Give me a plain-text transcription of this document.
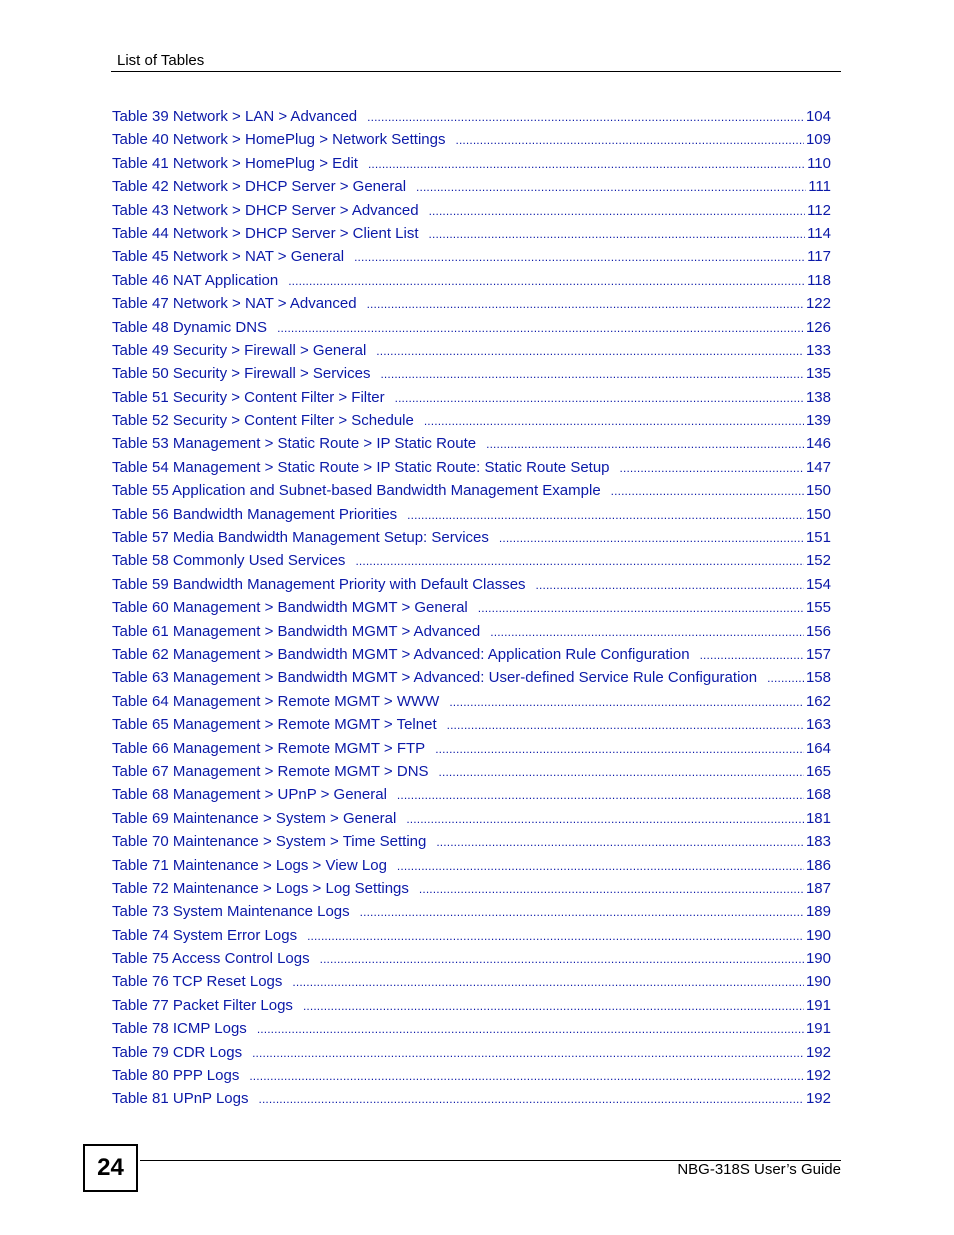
List of Tables
Table 39 Network > LAN > Advanced . . .	104
Table 40 Network > HomePlug > Network Settings . . .	109
Table 41 Network > HomePlug > Edit . . .	110
Table 42 Network > DHCP Server > General . . .	111
Table 43 Network > DHCP Server > Advanced . . .	112
Table 44 Network > DHCP Server > Client List . . .	114
Table 45 Network > NAT > General . . .	117
Table 46 NAT Application . . .	118
Table 47 Network > NAT > Advanced . . .	122
Table 48 Dynamic DNS . . .	126
Table 49 Security > Firewall > General . . .	133
Table 50 Security > Firewall > Services . . .	135
Table 51 Security > Content Filter > Filter . . .	138
Table 52 Security > Content Filter > Schedule . . .	139
Table 53 Management > Static Route > IP Static Route . . .	146
Table 54 Management > Static Route > IP Static Route: Static Route Setup . . .	147
Table 55 Application and Subnet-based Bandwidth Management Example . . .	150
Table 56 Bandwidth Management Priorities . . .	150
Table 57 Media Bandwidth Management Setup: Services . . .	151
Table 58 Commonly Used Services . . .	152
Table 59 Bandwidth Management Priority with Default Classes . . .	154
Table 60 Management > Bandwidth MGMT > General . . .	155
Table 61 Management > Bandwidth MGMT > Advanced . . .	156
Table 62 Management > Bandwidth MGMT > Advanced: Application Rule Configuration . . .	157
Table 63 Management > Bandwidth MGMT > Advanced: User-defined Service Rule Configuration . . .	158
Table 64 Management > Remote MGMT > WWW . . .	162
Table 65 Management > Remote MGMT > Telnet . . .	163
Table 66 Management > Remote MGMT > FTP . . .	164
Table 67 Management > Remote MGMT > DNS . . .	165
Table 68 Management > UPnP > General . . .	168
Table 69 Maintenance > System > General . . .	181
Table 70 Maintenance > System > Time Setting . . .	183
Table 71 Maintenance > Logs > View Log . . .	186
Table 72 Maintenance > Logs > Log Settings . . .	187
Table 73 System Maintenance Logs . . .	189
Table 74 System Error Logs . . .	190
Table 75 Access Control Logs . . .	190
Table 76 TCP Reset Logs . . .	190
Table 77 Packet Filter Logs . . .	191
Table 78 ICMP Logs . . .	191
Table 79 CDR Logs . . .	192
Table 80 PPP Logs . . .	192
Table 81 UPnP Logs . . .	192
24	NBG-318S User’s Guide
